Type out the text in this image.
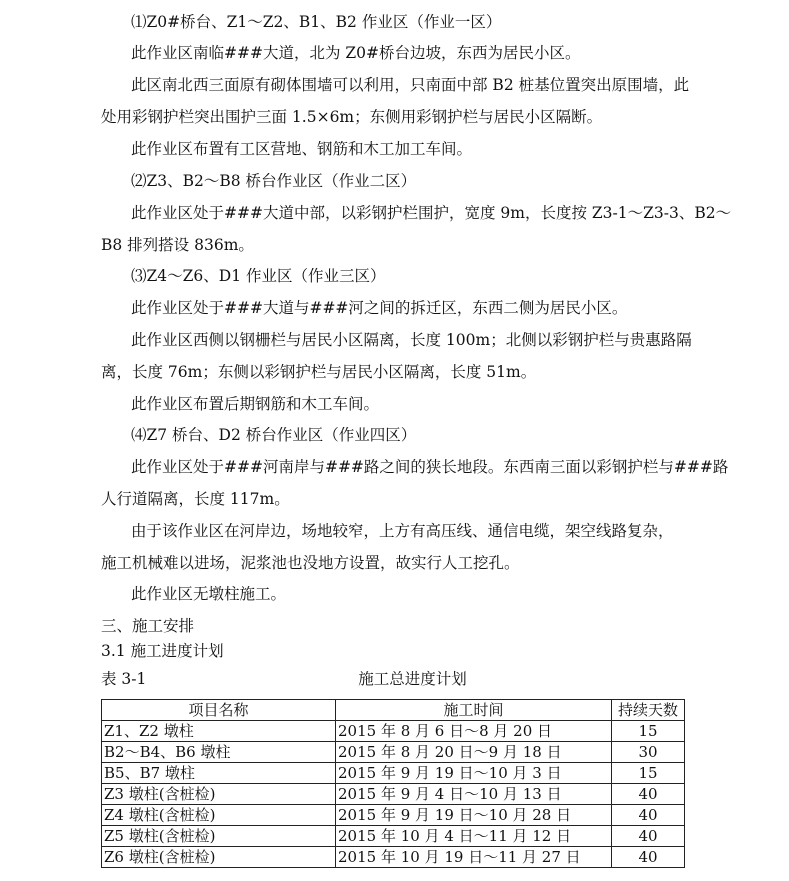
⑴Z0#桥台、Z1～Z2、B1、B2 作业区（作业一区）
此作业区南临###大道，北为 Z0#桥台边坡，东西为居民小区。
此区南北西三面原有砌体围墙可以利用，只南面中部 B2 桩基位置突出原围墙，此
处用彩钢护栏突出围护三面 1.5×6m；东侧用彩钢护栏与居民小区隔断。
此作业区布置有工区营地、钢筋和木工加工车间。
⑵Z3、B2～B8 桥台作业区（作业二区）
此作业区处于###大道中部，以彩钢护栏围护，宽度 9m，长度按 Z3-1～Z3-3、B2～
B8 排列搭设 836m。
⑶Z4～Z6、D1 作业区（作业三区）
此作业区处于###大道与###河之间的拆迁区，东西二侧为居民小区。
此作业区西侧以钢栅栏与居民小区隔离，长度 100m；北侧以彩钢护栏与贵惠路隔
离，长度 76m；东侧以彩钢护栏与居民小区隔离，长度 51m。
此作业区布置后期钢筋和木工车间。
⑷Z7 桥台、D2 桥台作业区（作业四区）
此作业区处于###河南岸与###路之间的狭长地段。东西南三面以彩钢护栏与###路
人行道隔离，长度 117m。
由于该作业区在河岸边，场地较窄，上方有高压线、通信电缆，架空线路复杂，
施工机械难以进场，泥浆池也没地方设置，故实行人工挖孔。
此作业区无墩柱施工。
三、施工安排
3.1 施工进度计划
表 3-1	施工总进度计划
项目名称	施工时间	持续天数
Z1、Z2 墩柱	2015 年 8 月 6 日～8 月 20 日	15
B2～B4、B6 墩柱	2015 年 8 月 20 日～9 月 18 日	30
B5、B7 墩柱	2015 年 9 月 19 日～10 月 3 日	15
Z3 墩柱(含桩检)	2015 年 9 月 4 日～10 月 13 日	40
Z4 墩柱(含桩检)	2015 年 9 月 19 日～10 月 28 日	40
Z5 墩柱(含桩检)	2015 年 10 月 4 日～11 月 12 日	40
Z6 墩柱(含桩检)	2015 年 10 月 19 日～11 月 27 日	40
